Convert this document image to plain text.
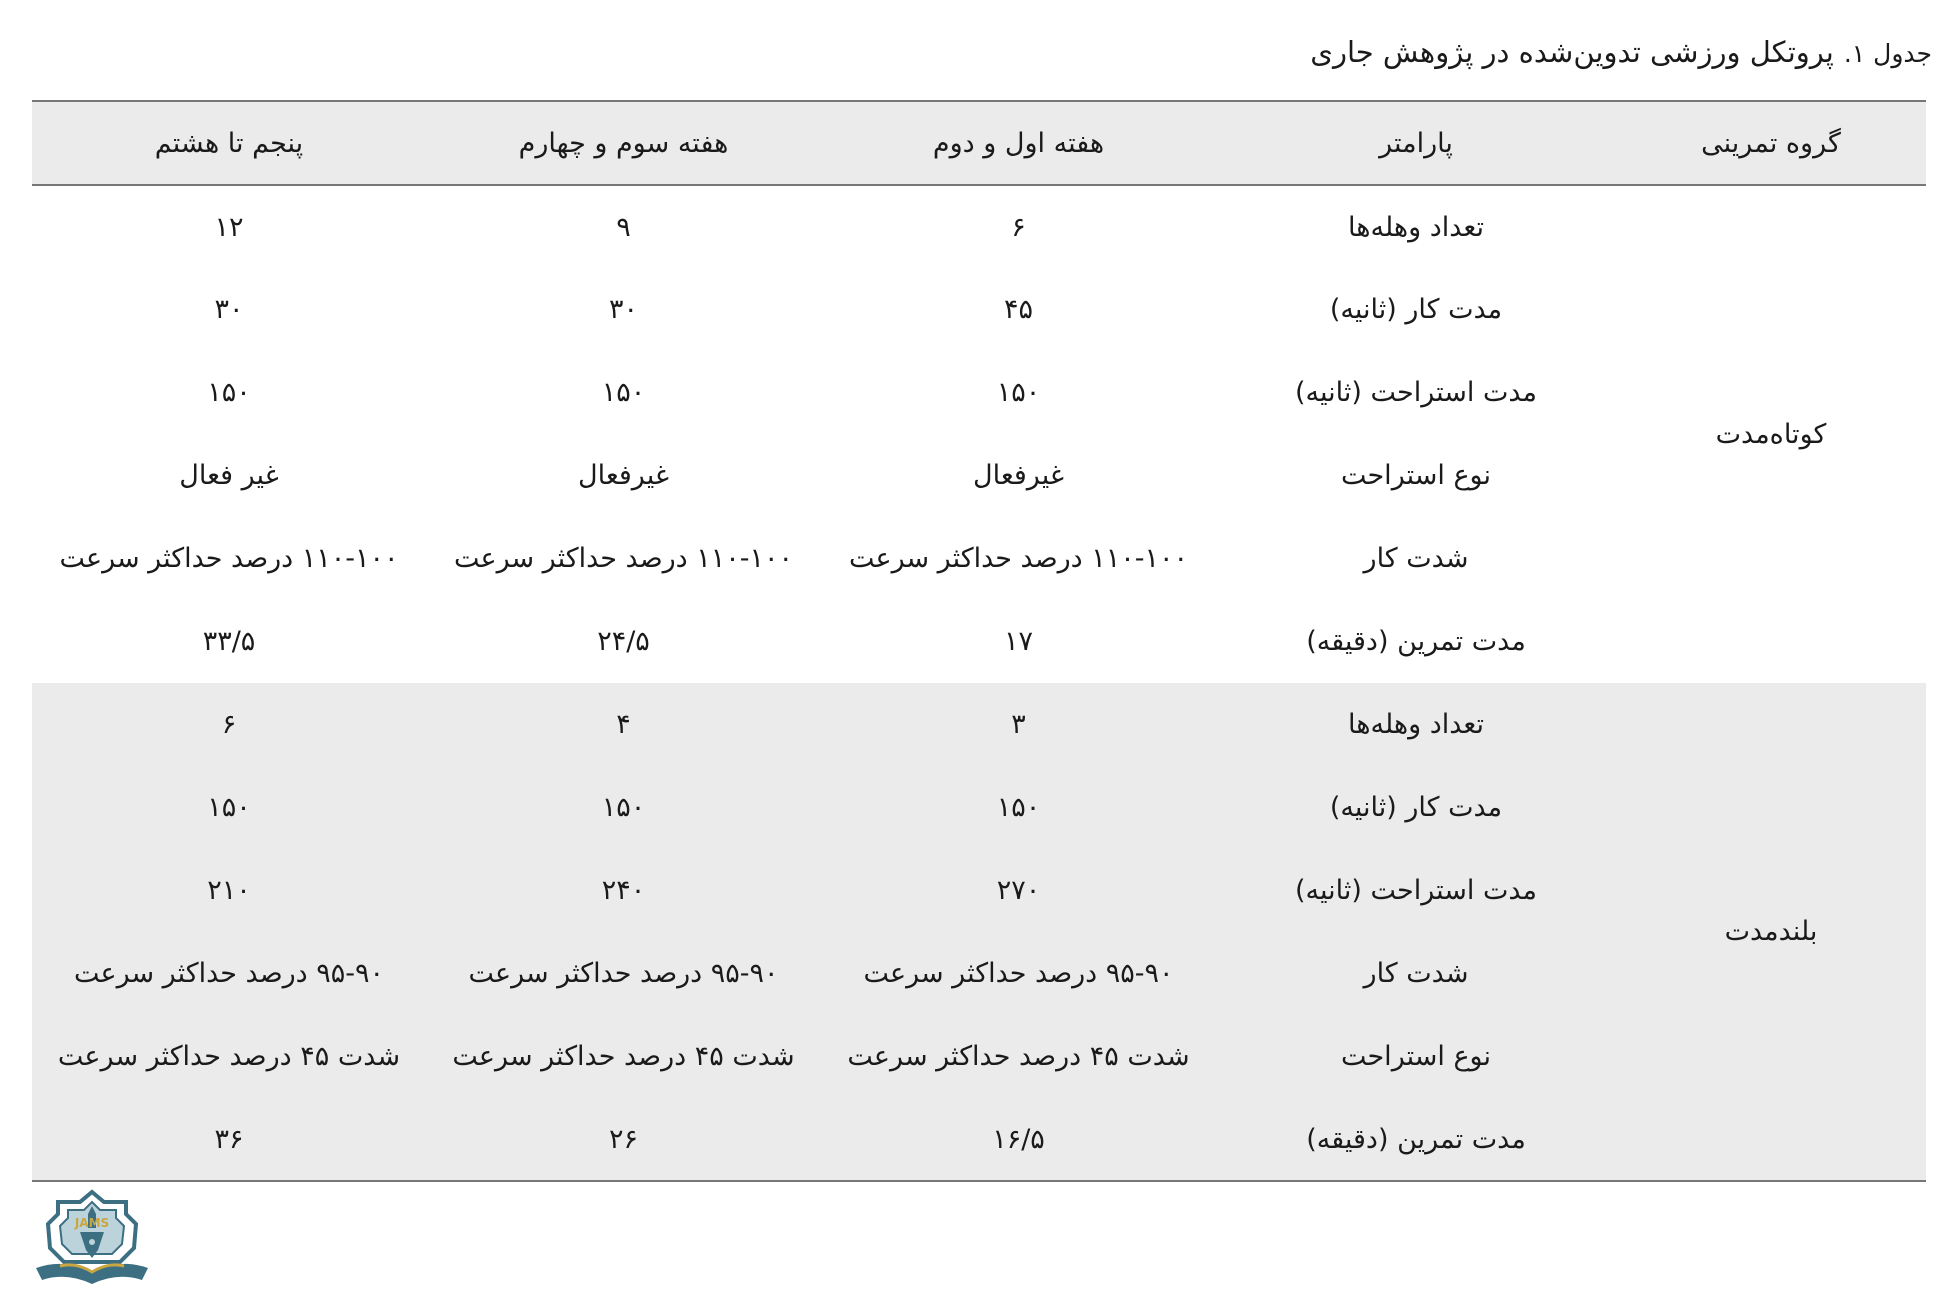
جدول ۱.پروتکل ورزشی تدوین‌شده در پژوهش جاری
گروه تمرینی	پارامتر	هفته اول و دوم	هفته سوم و چهارم	پنجم تا هشتم
کوتاه‌مدت	تعداد وهله‌ها	۶	۹	۱۲
	مدت کار (ثانیه)	۴۵	۳۰	۳۰
	مدت استراحت (ثانیه)	۱۵۰	۱۵۰	۱۵۰
	نوع استراحت	غیرفعال	غیرفعال	غیر فعال
	شدت کار	۱۱۰-۱۰۰ درصد حداکثر سرعت	۱۱۰-۱۰۰ درصد حداکثر سرعت	۱۱۰-۱۰۰ درصد حداکثر سرعت
	مدت تمرین (دقیقه)	۱۷	۲۴/۵	۳۳/۵
بلندمدت	تعداد وهله‌ها	۳	۴	۶
	مدت کار (ثانیه)	۱۵۰	۱۵۰	۱۵۰
	مدت استراحت (ثانیه)	۲۷۰	۲۴۰	۲۱۰
	شدت کار	۹۵-۹۰ درصد حداکثر سرعت	۹۵-۹۰ درصد حداکثر سرعت	۹۵-۹۰ درصد حداکثر سرعت
	نوع استراحت	شدت ۴۵ درصد حداکثر سرعت	شدت ۴۵ درصد حداکثر سرعت	شدت ۴۵ درصد حداکثر سرعت
	مدت تمرین (دقیقه)	۱۶/۵	۲۶	۳۶
JAMS
